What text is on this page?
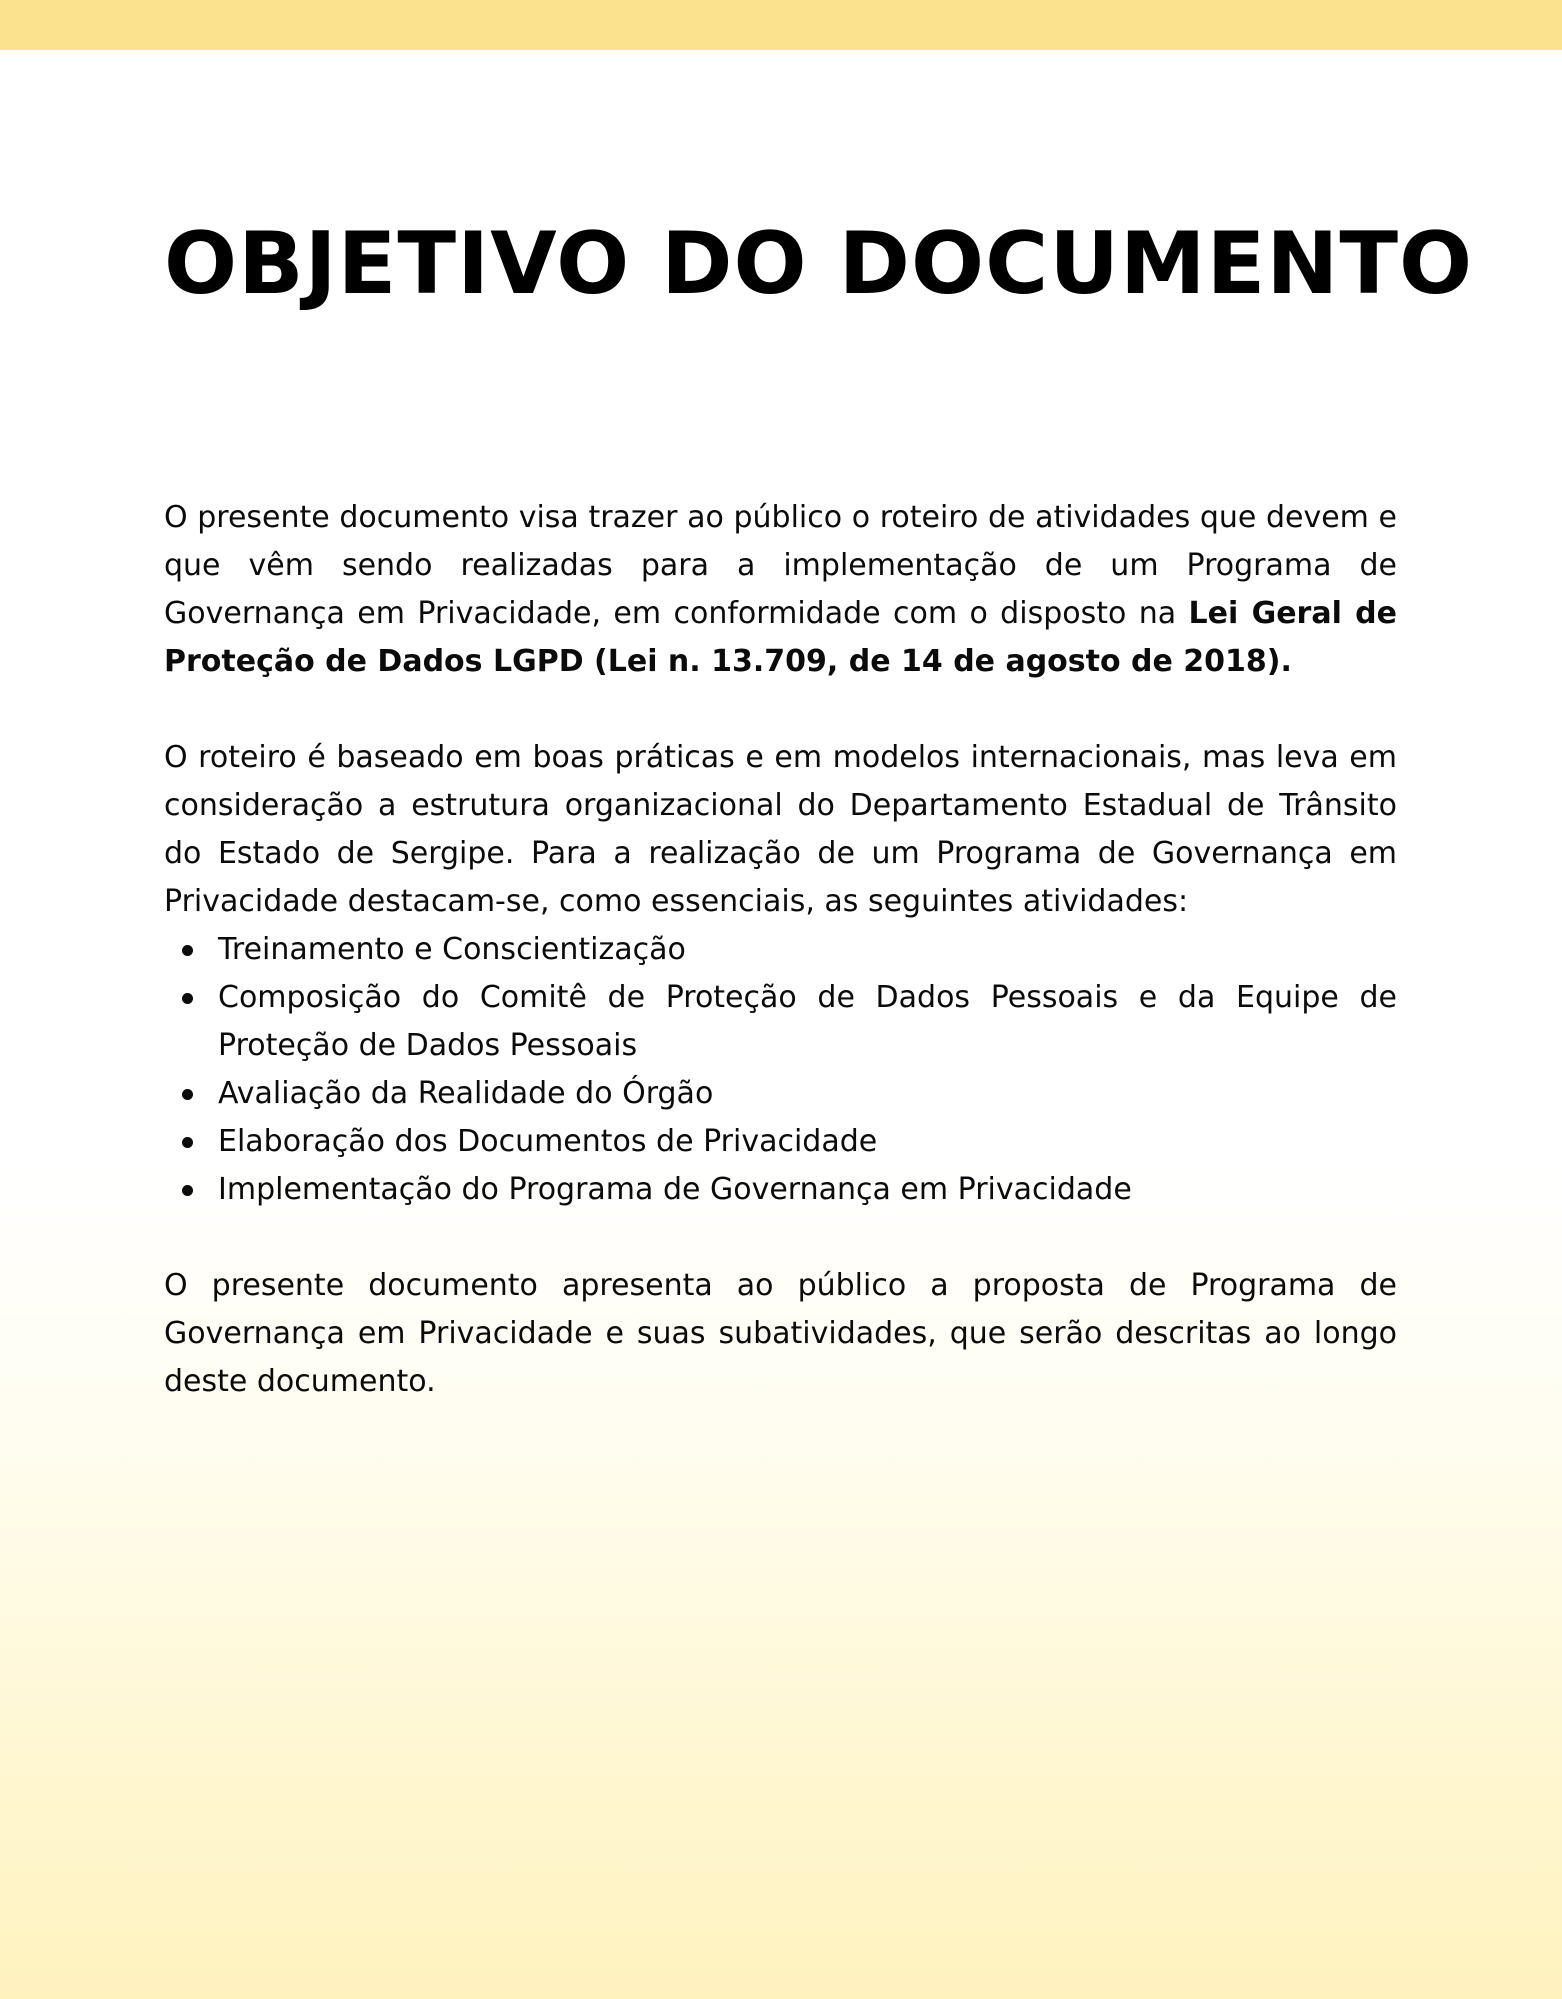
OBJETIVO DO DOCUMENTO

O presente documento visa trazer ao público o roteiro de atividades que devem e que vêm sendo realizadas para a implementação de um Programa de Governança em Privacidade, em conformidade com o disposto na Lei Geral de Proteção de Dados LGPD (Lei n. 13.709, de 14 de agosto de 2018).

O roteiro é baseado em boas práticas e em modelos internacionais, mas leva em consideração a estrutura organizacional do Departamento Estadual de Trânsito do Estado de Sergipe. Para a realização de um Programa de Governança em Privacidade destacam-se, como essenciais, as seguintes atividades:

Treinamento e Conscientização
Composição do Comitê de Proteção de Dados Pessoais e da Equipe de Proteção de Dados Pessoais
Avaliação da Realidade do Órgão
Elaboração dos Documentos de Privacidade
Implementação do Programa de Governança em Privacidade

O presente documento apresenta ao público a proposta de Programa de Governança em Privacidade e suas subatividades, que serão descritas ao longo deste documento.
